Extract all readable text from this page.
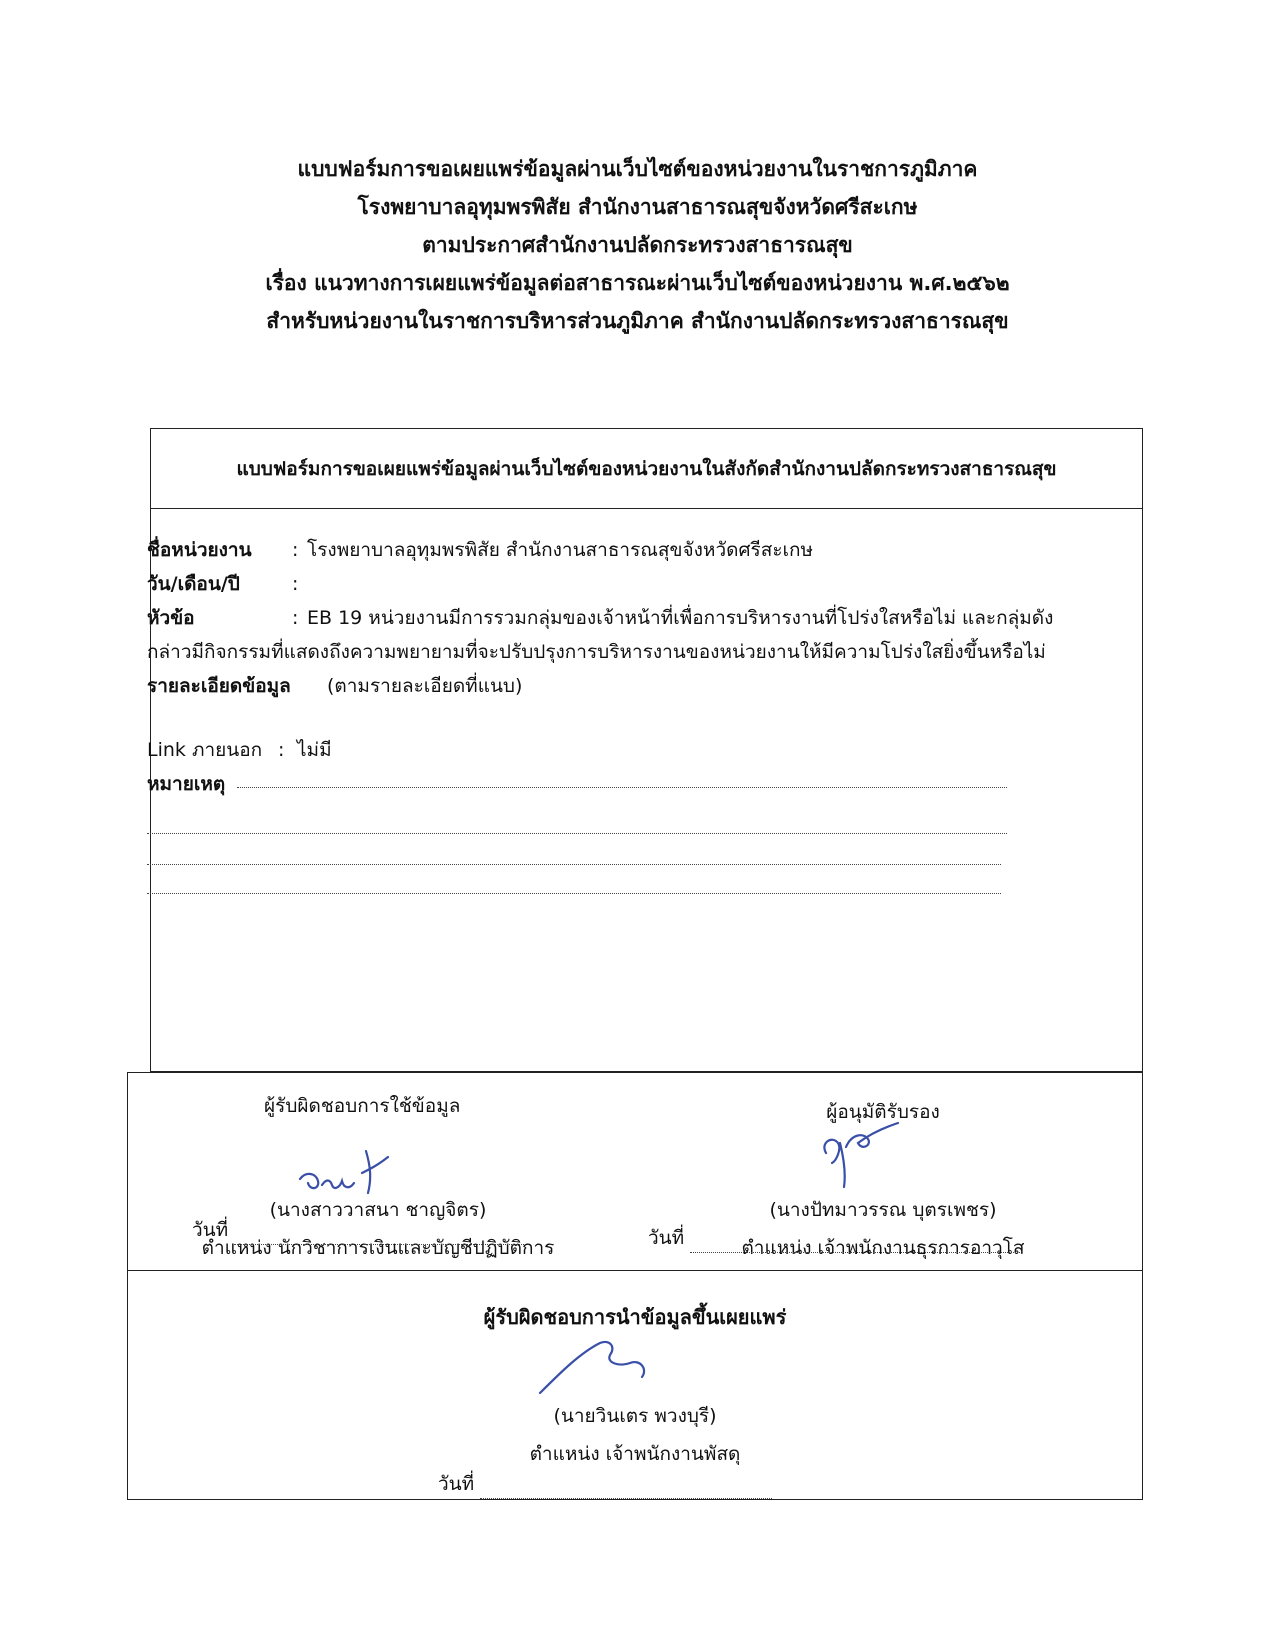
แบบฟอร์มการขอเผยแพร่ข้อมูลผ่านเว็บไซต์ของหน่วยงานในราชการภูมิภาค
โรงพยาบาลอุทุมพรพิสัย สำนักงานสาธารณสุขจังหวัดศรีสะเกษ
ตามประกาศสำนักงานปลัดกระทรวงสาธารณสุข
เรื่อง แนวทางการเผยแพร่ข้อมูลต่อสาธารณะผ่านเว็บไซต์ของหน่วยงาน พ.ศ.๒๕๖๒
สำหรับหน่วยงานในราชการบริหารส่วนภูมิภาค สำนักงานปลัดกระทรวงสาธารณสุข
แบบฟอร์มการขอเผยแพร่ข้อมูลผ่านเว็บไซต์ของหน่วยงานในสังกัดสำนักงานปลัดกระทรวงสาธารณสุข
ชื่อหน่วยงาน : โรงพยาบาลอุทุมพรพิสัย สำนักงานสาธารณสุขจังหวัดศรีสะเกษ
วัน/เดือน/ปี	:
หัวข้อ	: EB 19 หน่วยงานมีการรวมกลุ่มของเจ้าหน้าที่เพื่อการบริหารงานที่โปร่งใสหรือไม่ และกลุ่มดังกล่าวมีกิจกรรมที่แสดงถึงความพยายามที่จะปรับปรุงการบริหารงานของหน่วยงานให้มีความโปร่งใสยิ่งขึ้นหรือไม่
รายละเอียดข้อมูล (ตามรายละเอียดที่แนบ)
Link ภายนอก : ไม่มี
หมายเหตุ
ผู้รับผิดชอบการใช้ข้อมูล
(นางสาววาสนา ชาญจิตร)
ตำแหน่ง นักวิชาการเงินและบัญชีปฏิบัติการ
ผู้อนุมัติรับรอง
(นางปัทมาวรรณ บุตรเพชร)
ตำแหน่ง เจ้าพนักงานธุรการอาวุโส
วันที่	วันที่
ผู้รับผิดชอบการนำข้อมูลขึ้นเผยแพร่
(นายวินเตร พวงบุรี)
ตำแหน่ง เจ้าพนักงานพัสดุ
วันที่
